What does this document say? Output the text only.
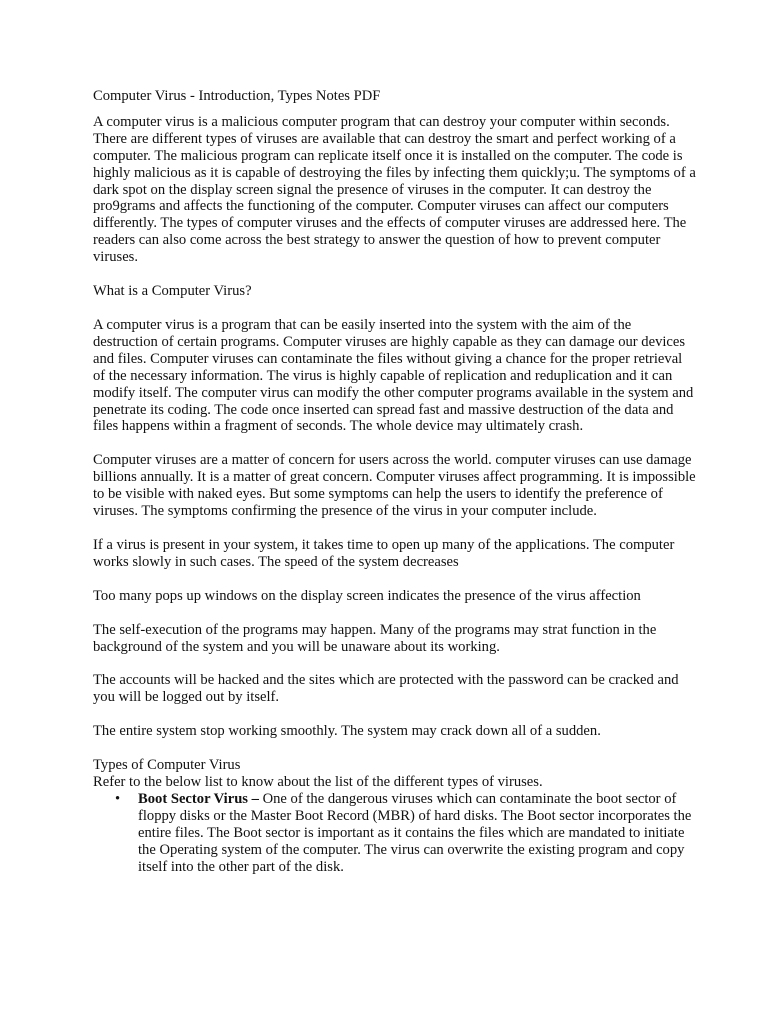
Computer Virus - Introduction, Types Notes PDF

A computer virus is a malicious computer program that can destroy your computer within seconds. There are different types of viruses are available that can destroy the smart and perfect working of a computer. The malicious program can replicate itself once it is installed on the computer. The code is highly malicious as it is capable of destroying the files by infecting them quickly;u. The symptoms of a dark spot on the display screen signal the presence of viruses in the computer. It can destroy the pro9grams and affects the functioning of the computer. Computer viruses can affect our computers differently. The types of computer viruses and the effects of computer viruses are addressed here. The readers can also come across the best strategy to answer the question of how to prevent computer viruses.

What is a Computer Virus?

A computer virus is a program that can be easily inserted into the system with the aim of the destruction of certain programs. Computer viruses are highly capable as they can damage our devices and files. Computer viruses can contaminate the files without giving a chance for the proper retrieval of the necessary information. The virus is highly capable of replication and reduplication and it can modify itself. The computer virus can modify the other computer programs available in the system and penetrate its coding. The code once inserted can spread fast and massive destruction of the data and files happens within a fragment of seconds. The whole device may ultimately crash.

Computer viruses are a matter of concern for users across the world. computer viruses can use damage billions annually. It is a matter of great concern. Computer viruses affect programming. It is impossible to be visible with naked eyes. But some symptoms can help the users to identify the preference of viruses. The symptoms confirming the presence of the virus in your computer include.

If a virus is present in your system, it takes time to open up many of the applications. The computer works slowly in such cases. The speed of the system decreases

Too many pops up windows on the display screen indicates the presence of the virus affection

The self-execution of the programs may happen. Many of the programs may strat function in the background of the system and you will be unaware about its working.

The accounts will be hacked and the sites which are protected with the password can be cracked and you will be logged out by itself.

The entire system stop working smoothly. The system may crack down all of a sudden.

Types of Computer Virus

Refer to the below list to know about the list of the different types of viruses.

• Boot Sector Virus – One of the dangerous viruses which can contaminate the boot sector of floppy disks or the Master Boot Record (MBR) of hard disks. The Boot sector incorporates the entire files. The Boot sector is important as it contains the files which are mandated to initiate the Operating system of the computer. The virus can overwrite the existing program and copy itself into the other part of the disk.
